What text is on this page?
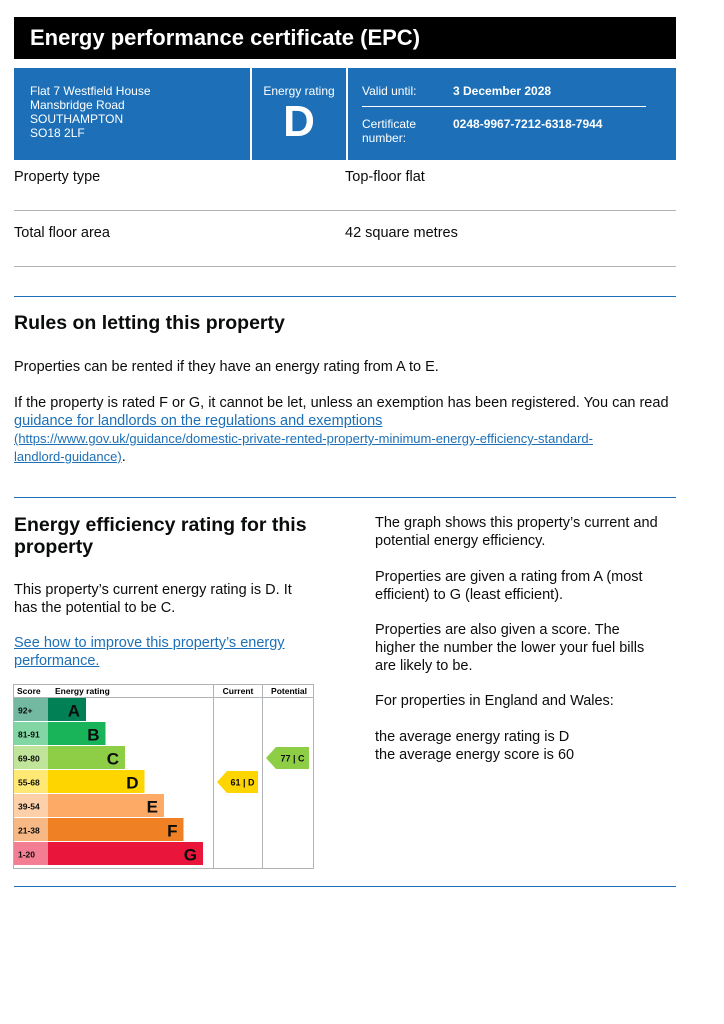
Energy performance certificate (EPC)
Flat 7 Westfield House
Mansbridge Road
SOUTHAMPTON
SO18 2LF
Energy rating
D
Valid until:	3 December 2028
Certificate number:
0248-9967-7212-6318-7944
Property type	Top-floor flat
Total floor area	42 square metres
Rules on letting this property
Properties can be rented if they have an energy rating from A to E.
If the property is rated F or G, it cannot be let, unless an exemption has been registered. You can read guidance for landlords on the regulations and exemptions
(https://www.gov.uk/guidance/domestic-private-rented-property-minimum-energy-efficiency-standard-
landlord-guidance).
Energy efficiency rating for this
property
This property’s current energy rating is D. It
has the potential to be C.
See how to improve this property’s energy
performance.
Score Energy rating	Current Potential
92+ A
81-91	B
69-80	C
55-68	D
39-54	E
21-38	F
1-20	G
61 | D
77 | C
The graph shows this property’s current and
potential energy efficiency.
Properties are given a rating from A (most
efficient) to G (least efficient).
Properties are also given a score. The
higher the number the lower your fuel bills
are likely to be.
For properties in England and Wales:
the average energy rating is D
the average energy score is 60
